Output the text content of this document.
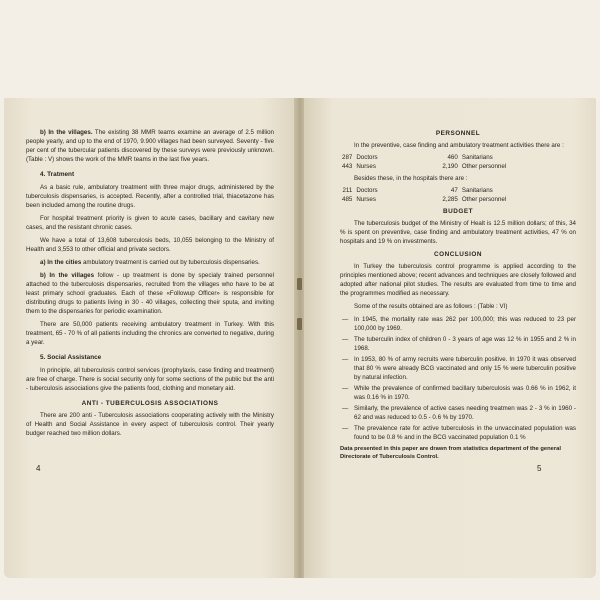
b) In the villages. The existing 38 MMR teams examine an average of 2.5 million people yearly, and up to the end of 1970, 9.900 villages had been surveyed. Seventy - five per cent of the tubercular patients discovered by these surveys were previously unknown. (Table : V) shows the work of the MMR teams in the last five years.

4. Tratment

As a basic rule, ambulatory treatment with three major drugs, administered by the tuberculosis dispensaries, is accepted. Recently, after a controlled trial, thiacetazone has been included among the routine drugs.

For hospital treatment priority is given to acute cases, bacillary and cavitary new cases, and the resistant chronic cases.

We have a total of 13,608 tuberculosis beds, 10,055 belonging to the Ministry of Health and 3,553 to other official and private sectors.

a) In the cities ambulatory treatment is carried out by tuberculosis dispensaries.

b) In the villages follow - up treatment is done by specialy trained personnel attached to the tuberculosis dispensaries, recruited from the villages who have to be at least primary school graduates. Each of these «Followup Officer» is responsible for distributing drugs to patients living in 30 - 40 villages, collecting their sputa, and inviting them to the dispensaries for periodic examination.

There are 50,000 patients receiving ambulatory treatment in Turkey. With this treatment, 65 - 70 % of all patients including the chronics are converted to negative, during a year.

5. Social Assistance

In principle, all tuberculosis control services (prophylaxis, case finding and treatment) are free of charge. There is social security only for some sections of the public but the anti - tuberculosis associations give the patients food, clothing and monetary aid.

ANTI - TUBERCULOSIS ASSOCIATIONS

There are 200 anti - Tuberculosis associations cooperating actively with the Ministry of Health and Social Assistance in every aspect of tuberculosis control. Their yearly budger reached two million dollars.

4
PERSONNEL

In the preventive, case finding and ambulatory treatment activities there are :

287	Doctors	460	Sanitarians
443	Nurses	2,190	Other personnel

Besides these, in the hospitals there are :

211	Doctors	47	Sanitarians
485	Nurses	2,285	Other personnel
BUDGET

The tuberculosis budget of the Ministry of Healt is 12.5 million dollars; of this, 34 % is spent on preventive, case finding and ambulatory treatment activities, 47 % on hospitals and 19 % on investments.

CONCLUSION

In Turkey the tuberculosis control programme is applied according to the principles mentioned above; recent advances and techniques are closely followed and adopted after national pilot studies. The results are evaluated from time to time and the programmes modified as necessary.

Some of the results obtained are as follows : (Table : VI)

— In 1945, the mortality rate was 262 per 100,000; this was reduced to 23 per 100,000 by 1969.
— The tuberculin index of children 0 - 3 years of age was 12 % in 1955 and 2 % in 1968.
— In 1953, 80 % of army recruits were tuberculin positive. In 1970 it was observed that 80 % were already BCG vaccinated and only 15 % were tuberculin positive by natural infection.
— While the prevalence of confirmed bacillary tuberculosis was 0.66 % in 1962, it was 0.16 % in 1970.
— Similarly, the prevalence of active cases needing treatmen was 2 - 3 % in 1960 - 62 and was reduced to 0.5 - 0.6 % by 1970.
— The prevalence rate for active tuberculosis in the unvaccinated population was found to be 0.8 % and in the BCG vaccinated population 0.1 %
Data presented in this paper are drawn from statistics department of the general Directorate of Tuberculosis Control.
5
